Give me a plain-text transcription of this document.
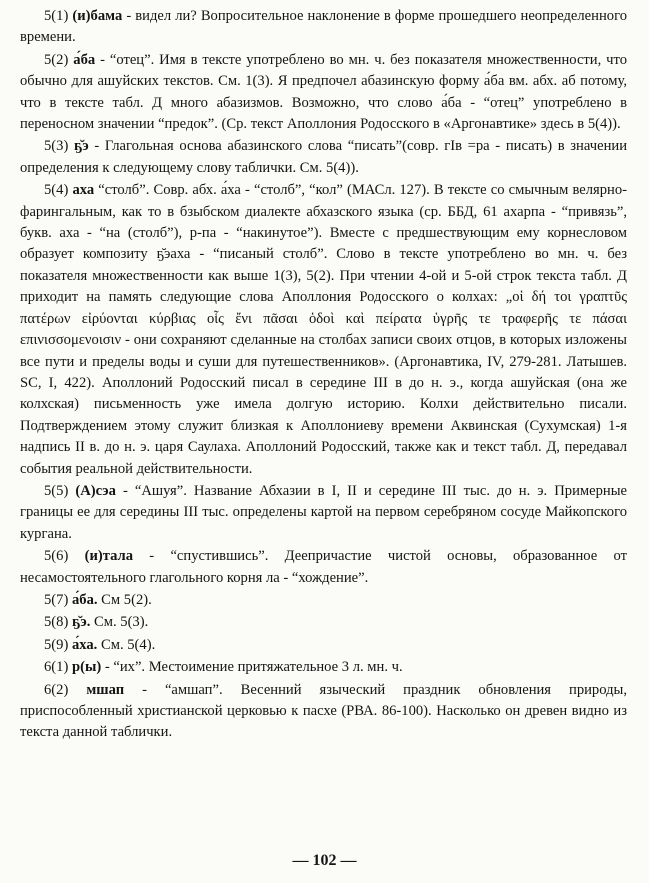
5(1) (и)бама - видел ли? Вопросительное наклонение в форме прошедшего неопределенного времени.

5(2) а́ба - “отец”. Имя в тексте употреблено во мн. ч. без показателя множественности, что обычно для ашуйских текстов. См. 1(3). Я предпочел абазинскую форму а́ба вм. абх. аб потому, что в тексте табл. Д много абазизмов. Возможно, что слово а́ба - “отец” употреблено в переносном значении “предок”. (Ср. текст Аполлония Родосского в «Аргонавтике» здесь в 5(4)).

5(3) ҕ̆э - Глагольная основа абазинского слова “писать”(совр. гIв =ра - писать) в значении определения к следующему слову таблички. См. 5(4)).

5(4) аха “столб”. Совр. абх. а́ха - “столб”, “кол” (МАСл. 127). В тексте со смычным велярно-фарингальным, как то в бзыбском диалекте абхазского языка (ср. ББД, 61 ахарпа - “привязь”, букв. аха - “на (столб”), р-па - “накинутое”). Вместе с предшествующим ему корнесловом образует композиту ҕ̆эаха - “писаный столб”. Слово в тексте употреблено во мн. ч. без показателя множественности как выше 1(3), 5(2). При чтении 4-ой и 5-ой строк текста табл. Д приходит на память следующие слова Аполлония Родосского о колхах: „οἱ δή τοι γραπτῦς πατέρων εἰρύονται κύρβιας οἷς ἔνι πᾶσαι ὁδοὶ καὶ πείρατα ὑγρῆς τε τραφερῆς τε πάσαι επινισσομενοισιν - они сохраняют сделанные на столбах записи своих отцов, в которых изложены все пути и пределы воды и суши для путешественников». (Аргонавтика, IV, 279-281. Латышев. SC, I, 422). Аполлоний Родосский писал в середине III в до н. э., когда ашуйская (она же колхская) письменность уже имела долгую историю. Колхи действительно писали. Подтверждением этому служит близкая к Аполлониеву времени Аквинская (Сухумская) 1-я надпись II в. до н. э. царя Саулаха. Аполлоний Родосский, также как и текст табл. Д, передавал события реальной действительности.

5(5) (А)сэа - “Ашуя”. Название Абхазии в I, II и середине III тыс. до н. э. Примерные границы ее для середины III тыс. определены картой на первом серебряном сосуде Майкопского кургана.

5(6) (и)тала - “спустившись”. Деепричастие чистой основы, образованное от несамостоятельного глагольного корня ла - “хождение”.

5(7) а́ба. См 5(2).

5(8) ҕ̆э. См. 5(3).

5(9) а́ха. См. 5(4).

6(1) р(ы) - “их”. Местоимение притяжательное 3 л. мн. ч.

6(2) мшап - “амшап”. Весенний языческий праздник обновления природы, приспособленный христианской церковью к пасхе (РВА. 86-100). Насколько он древен видно из текста данной таблички.

— 102 —
